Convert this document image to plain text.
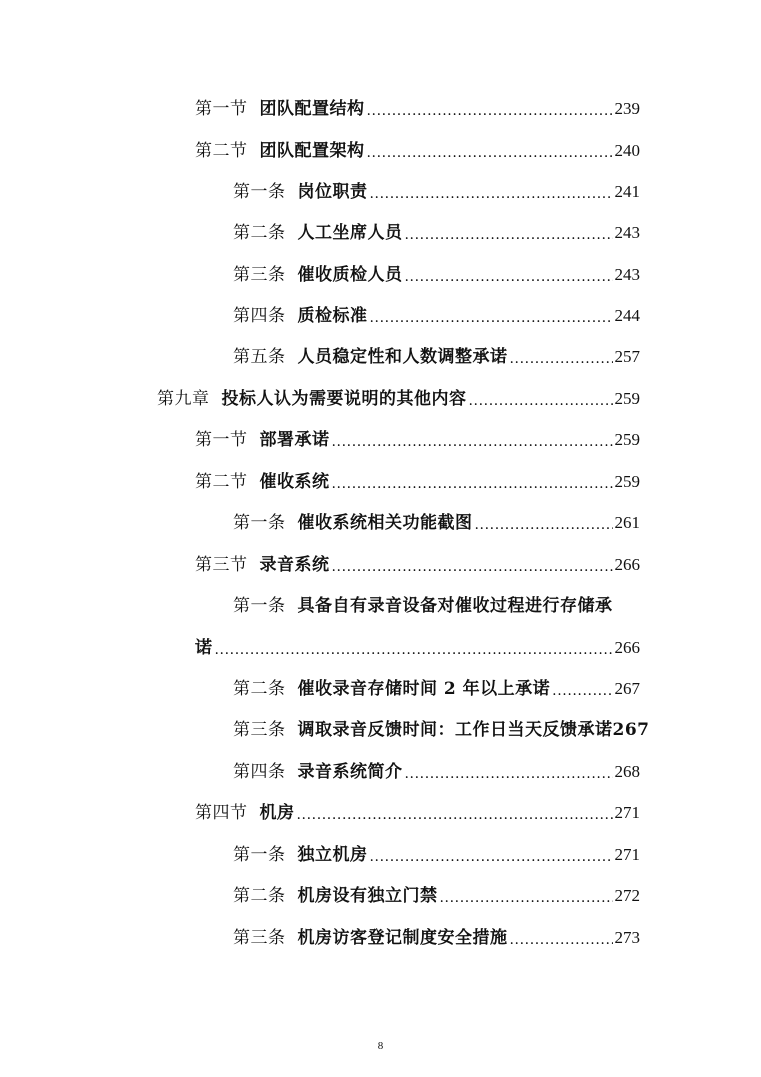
第一节 团队配置结构 .....	239
第二节 团队配置架构 .....	240
第一条 岗位职责 .....	241
第二条 人工坐席人员 .....	243
第三条 催收质检人员 .....	243
第四条 质检标准 .....	244
第五条 人员稳定性和人数调整承诺 .....	257
第九章 投标人认为需要说明的其他内容 .....	259
第一节 部署承诺 .....	259
第二节 催收系统 .....	259
第一条 催收系统相关功能截图 .....	261
第三节 录音系统 .....	266
第一条 具备自有录音设备对催收过程进行存储承
诺 .....	266
第二条 催收录音存储时间 2 年以上承诺 .....	267
第三条 调取录音反馈时间：工作日当天反馈承诺267
第四条 录音系统简介 .....	268
第四节 机房 .....	271
第一条 独立机房 .....	271
第二条 机房设有独立门禁 .....	272
第三条 机房访客登记制度安全措施 .....	273
8
